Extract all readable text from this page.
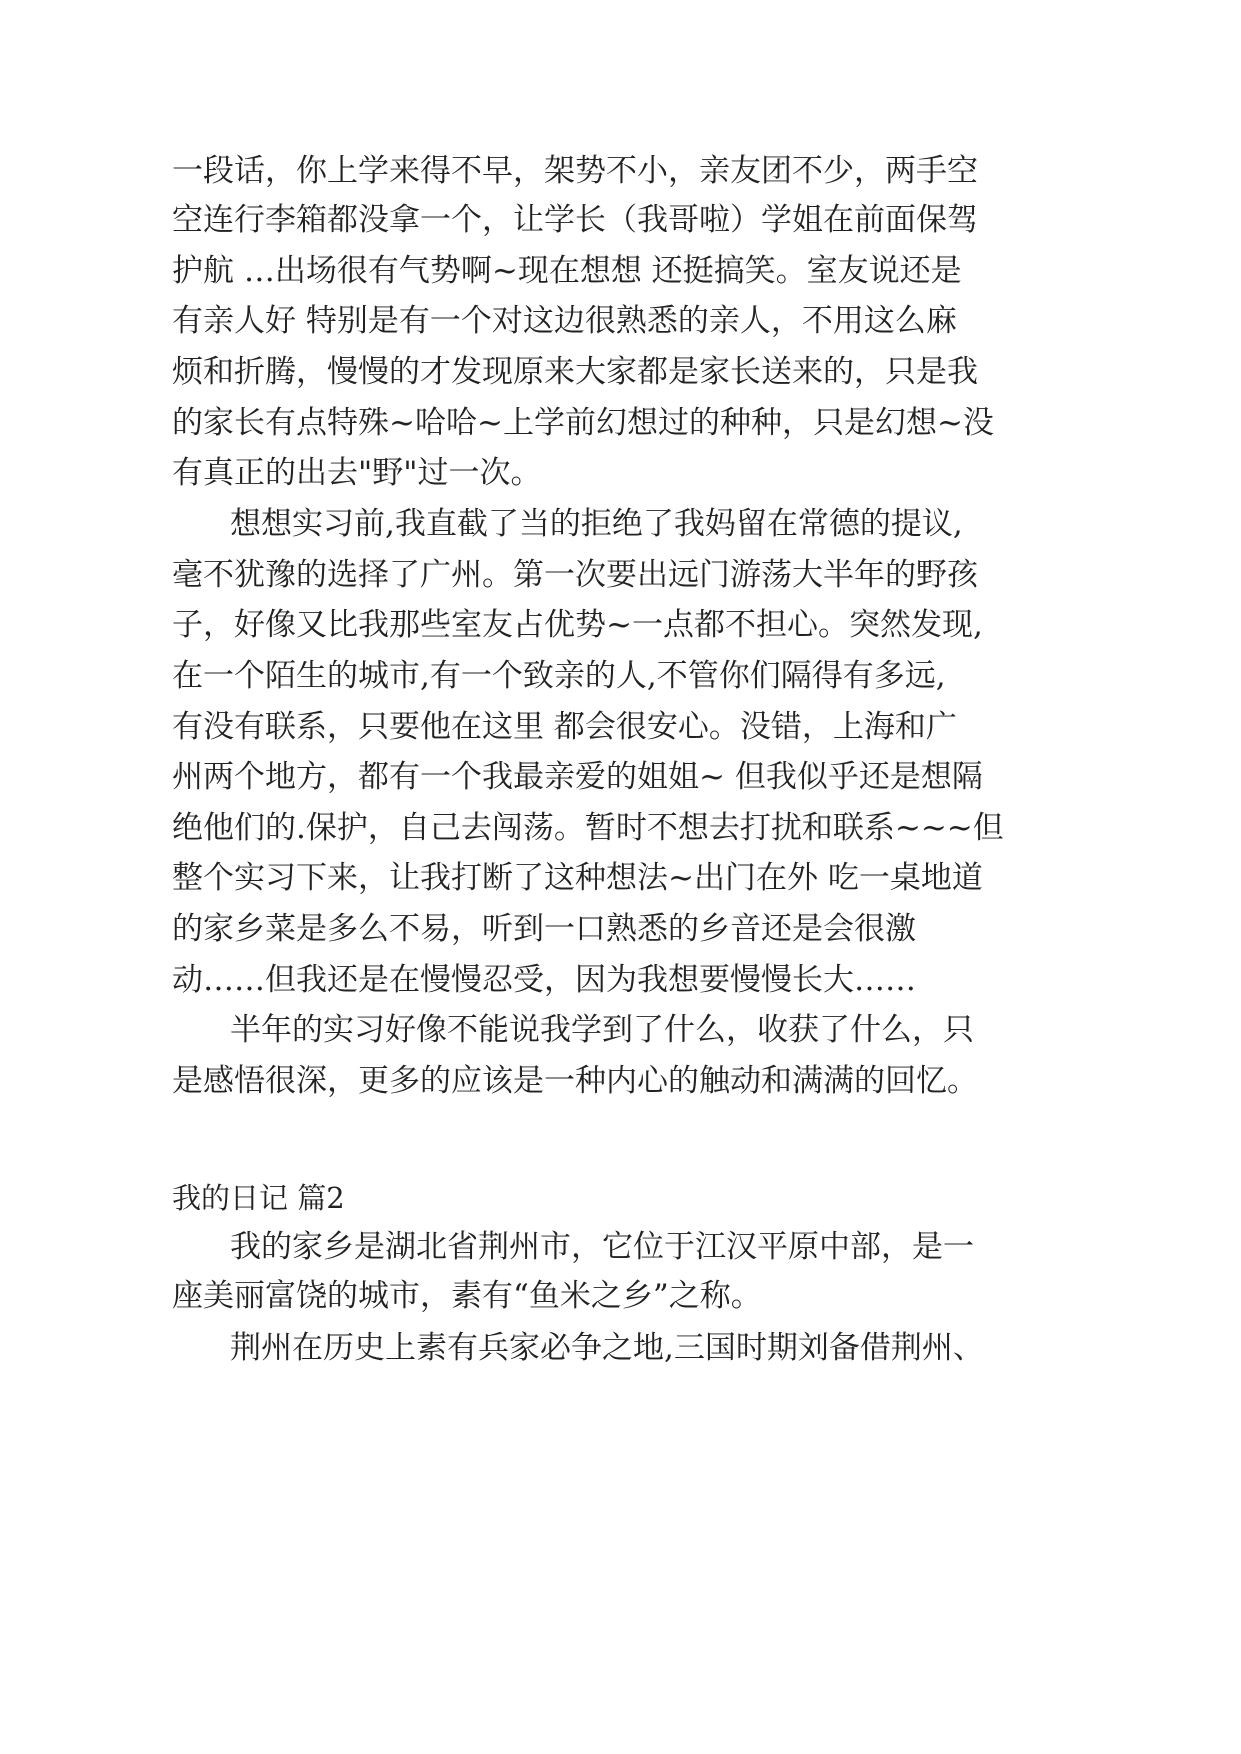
一段话，你上学来得不早，架势不小，亲友团不少，两手空

空连行李箱都没拿一个，让学长（我哥啦）学姐在前面保驾

护航 …出场很有气势啊~现在想想 还挺搞笑。室友说还是

有亲人好 特别是有一个对这边很熟悉的亲人，不用这么麻

烦和折腾，慢慢的才发现原来大家都是家长送来的，只是我

的家长有点特殊~哈哈~上学前幻想过的种种，只是幻想~没

有真正的出去"野"过一次。

想想实习前,我直截了当的拒绝了我妈留在常德的提议,

毫不犹豫的选择了广州。第一次要出远门游荡大半年的野孩

子，好像又比我那些室友占优势~一点都不担心。突然发现,

在一个陌生的城市,有一个致亲的人,不管你们隔得有多远,

有没有联系，只要他在这里 都会很安心。没错，上海和广

州两个地方，都有一个我最亲爱的姐姐~ 但我似乎还是想隔

绝他们的.保护，自己去闯荡。暂时不想去打扰和联系~~~但

整个实习下来，让我打断了这种想法~出门在外 吃一桌地道

的家乡菜是多么不易，听到一口熟悉的乡音还是会很激

动……但我还是在慢慢忍受，因为我想要慢慢长大……

半年的实习好像不能说我学到了什么，收获了什么，只

是感悟很深，更多的应该是一种内心的触动和满满的回忆。

我的日记 篇2

我的家乡是湖北省荆州市，它位于江汉平原中部，是一

座美丽富饶的城市，素有“鱼米之乡”之称。

荆州在历史上素有兵家必争之地,三国时期刘备借荆州、
